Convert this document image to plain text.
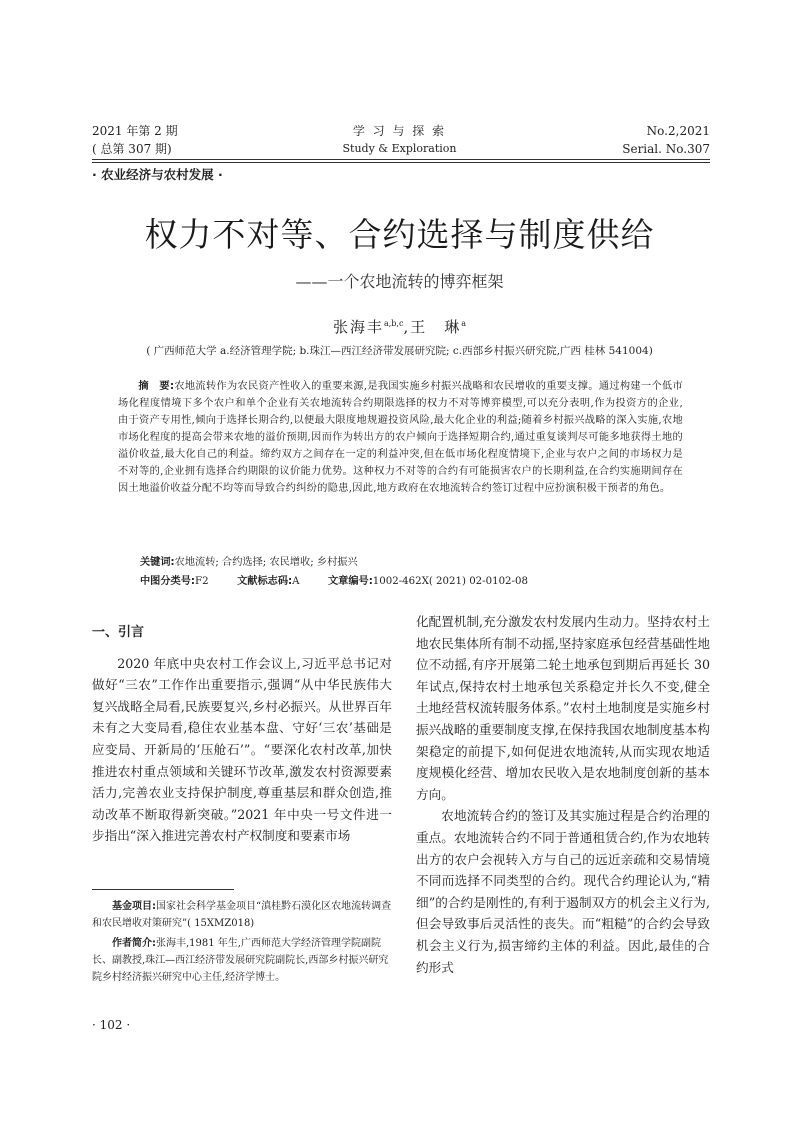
2021 年第 2 期
( 总第 307 期)
学 习 与 探 索
Study & Exploration
No.2,2021
Serial. No.307
· 农业经济与农村发展 ·
权力不对等、合约选择与制度供给
——一个农地流转的博弈框架
张海丰$^{a,b,c}$,王　琳$^a$
( 广西师范大学 a.经济管理学院; b.珠江—西江经济带发展研究院; c.西部乡村振兴研究院,广西 桂林 541004)
摘　要:农地流转作为农民资产性收入的重要来源,是我国实施乡村振兴战略和农民增收的重要支撑。通过构建一个低市场化程度情境下多个农户和单个企业有关农地流转合约期限选择的权力不对等博弈模型,可以充分表明,作为投资方的企业,由于资产专用性,倾向于选择长期合约,以便最大限度地规避投资风险,最大化企业的利益;随着乡村振兴战略的深入实施,农地市场化程度的提高会带来农地的溢价预期,因而作为转出方的农户倾向于选择短期合约,通过重复谈判尽可能多地获得土地的溢价收益,最大化自己的利益。缔约双方之间存在一定的利益冲突,但在低市场化程度情境下,企业与农户之间的市场权力是不对等的,企业拥有选择合约期限的议价能力优势。这种权力不对等的合约有可能损害农户的长期利益,在合约实施期间存在因土地溢价收益分配不均等而导致合约纠纷的隐患,因此,地方政府在农地流转合约签订过程中应扮演积极干预者的角色。
关键词:农地流转; 合约选择; 农民增收; 乡村振兴
中图分类号:F2	文献标志码:A	文章编号:1002-462X( 2021) 02-0102-08
一、引言

2020 年底中央农村工作会议上,习近平总书记对做好“三农”工作作出重要指示,强调“从中华民族伟大复兴战略全局看,民族要复兴,乡村必振兴。从世界百年未有之大变局看,稳住农业基本盘、守好‘三农’基础是应变局、开新局的‘压舱石’”。“要深化农村改革,加快推进农村重点领域和关键环节改革,激发农村资源要素活力,完善农业支持保护制度,尊重基层和群众创造,推动改革不断取得新突破。”2021 年中央一号文件进一步指出“深入推进完善农村产权制度和要素市场

化配置机制,充分激发农村发展内生动力。坚持农村土地农民集体所有制不动摇,坚持家庭承包经营基础性地位不动摇,有序开展第二轮土地承包到期后再延长 30 年试点,保持农村土地承包关系稳定并长久不变,健全土地经营权流转服务体系。”农村土地制度是实施乡村振兴战略的重要制度支撑,在保持我国农地制度基本构架稳定的前提下,如何促进农地流转,从而实现农地适度规模化经营、增加农民收入是农地制度创新的基本方向。

农地流转合约的签订及其实施过程是合约治理的重点。农地流转合约不同于普通租赁合约,作为农地转出方的农户会视转入方与自己的远近亲疏和交易情境不同而选择不同类型的合约。现代合约理论认为,“精细”的合约是刚性的,有利于遏制双方的机会主义行为,但会导致事后灵活性的丧失。而“粗糙”的合约会导致机会主义行为,损害缔约主体的利益。因此,最佳的合约形式

基金项目:国家社会科学基金项目“滇桂黔石漠化区农地流转调查和农民增收对策研究”( 15XMZ018)
作者简介:张海丰,1981 年生,广西师范大学经济管理学院副院长、副教授,珠江—西江经济带发展研究院副院长,西部乡村振兴研究院乡村经济振兴研究中心主任,经济学博士。
· 102 ·
